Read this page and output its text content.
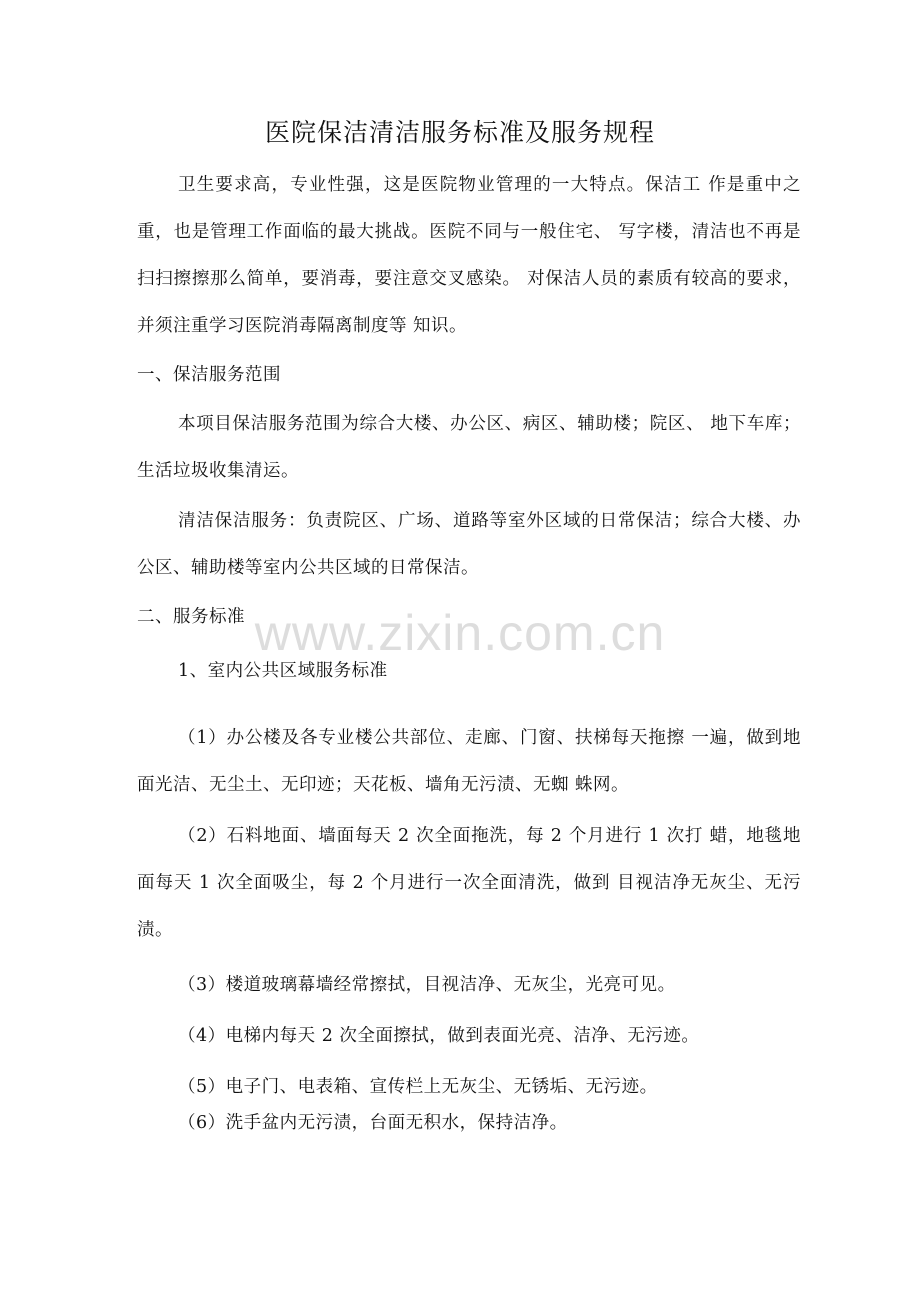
医院保洁清洁服务标准及服务规程
卫生要求高，专业性强，这是医院物业管理的一大特点。保洁工 作是重中之重，也是管理工作面临的最大挑战。医院不同与一般住宅、 写字楼，清洁也不再是扫扫擦擦那么简单，要消毒，要注意交叉感染。 对保洁人员的素质有较高的要求，并须注重学习医院消毒隔离制度等 知识。
一、保洁服务范围
本项目保洁服务范围为综合大楼、办公区、病区、辅助楼；院区、 地下车库；生活垃圾收集清运。
清洁保洁服务：负责院区、广场、道路等室外区域的日常保洁；综合大楼、办公区、辅助楼等室内公共区域的日常保洁。
二、服务标准
1、室内公共区域服务标准
（1）办公楼及各专业楼公共部位、走廊、门窗、扶梯每天拖擦 一遍，做到地面光洁、无尘土、无印迹；天花板、墙角无污渍、无蜘 蛛网。
（2）石料地面、墙面每天 2 次全面拖洗，每 2 个月进行 1 次打 蜡，地毯地面每天 1 次全面吸尘，每 2 个月进行一次全面清洗，做到 目视洁净无灰尘、无污渍。
（3）楼道玻璃幕墙经常擦拭，目视洁净、无灰尘，光亮可见。
（4）电梯内每天 2 次全面擦拭，做到表面光亮、洁净、无污迹。
（5）电子门、电表箱、宣传栏上无灰尘、无锈垢、无污迹。
（6）洗手盆内无污渍，台面无积水，保持洁净。
www.zixin.com.cn
